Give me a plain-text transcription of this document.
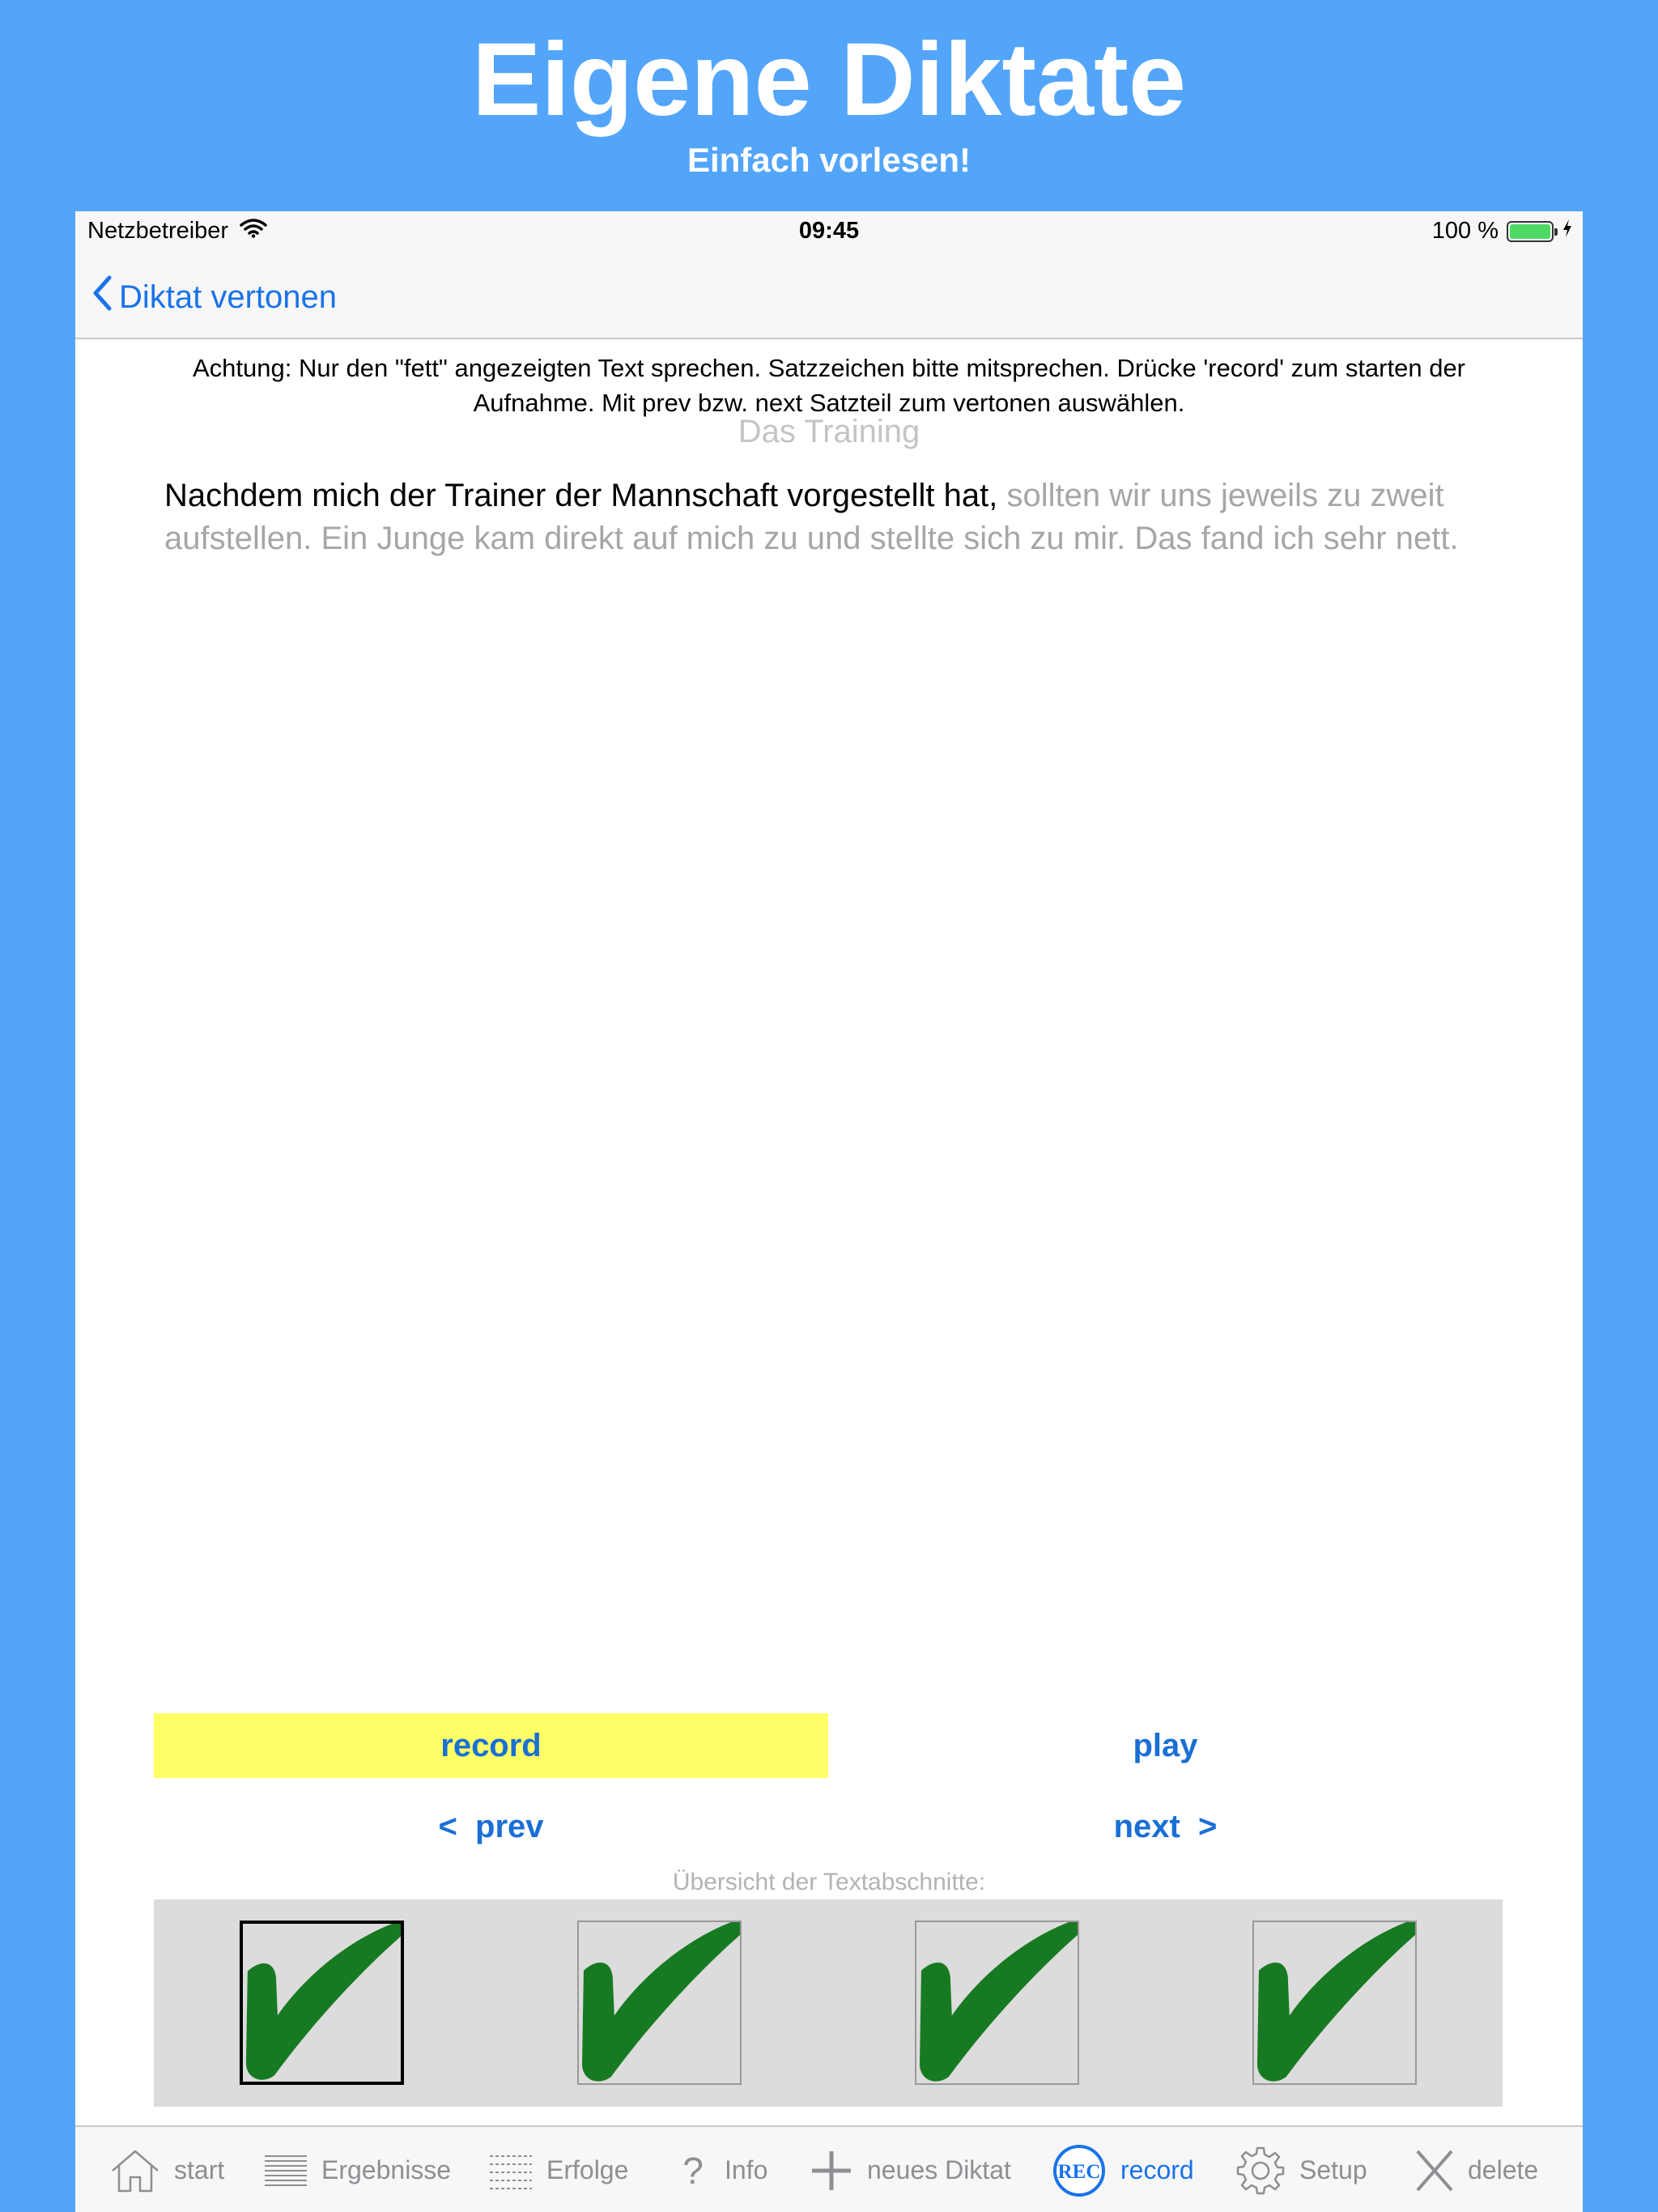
Eigene Diktate
Einfach vorlesen!
Netzbetreiber	09:45	100 %
Diktat vertonen
Achtung: Nur den "fett" angezeigten Text sprechen. Satzzeichen bitte mitsprechen. Drücke 'record' zum starten der Aufnahme. Mit prev bzw. next Satzteil zum vertonen auswählen.
Das Training
Nachdem mich der Trainer der Mannschaft vorgestellt hat, sollten wir uns jeweils zu zweit aufstellen. Ein Junge kam direkt auf mich zu und stellte sich zu mir. Das fand ich sehr nett.
record	play
<  prev	next  >
Übersicht der Textabschnitte:
start	Ergebnisse	Erfolge ? Info	neues Diktat REC record	Setup	delete
